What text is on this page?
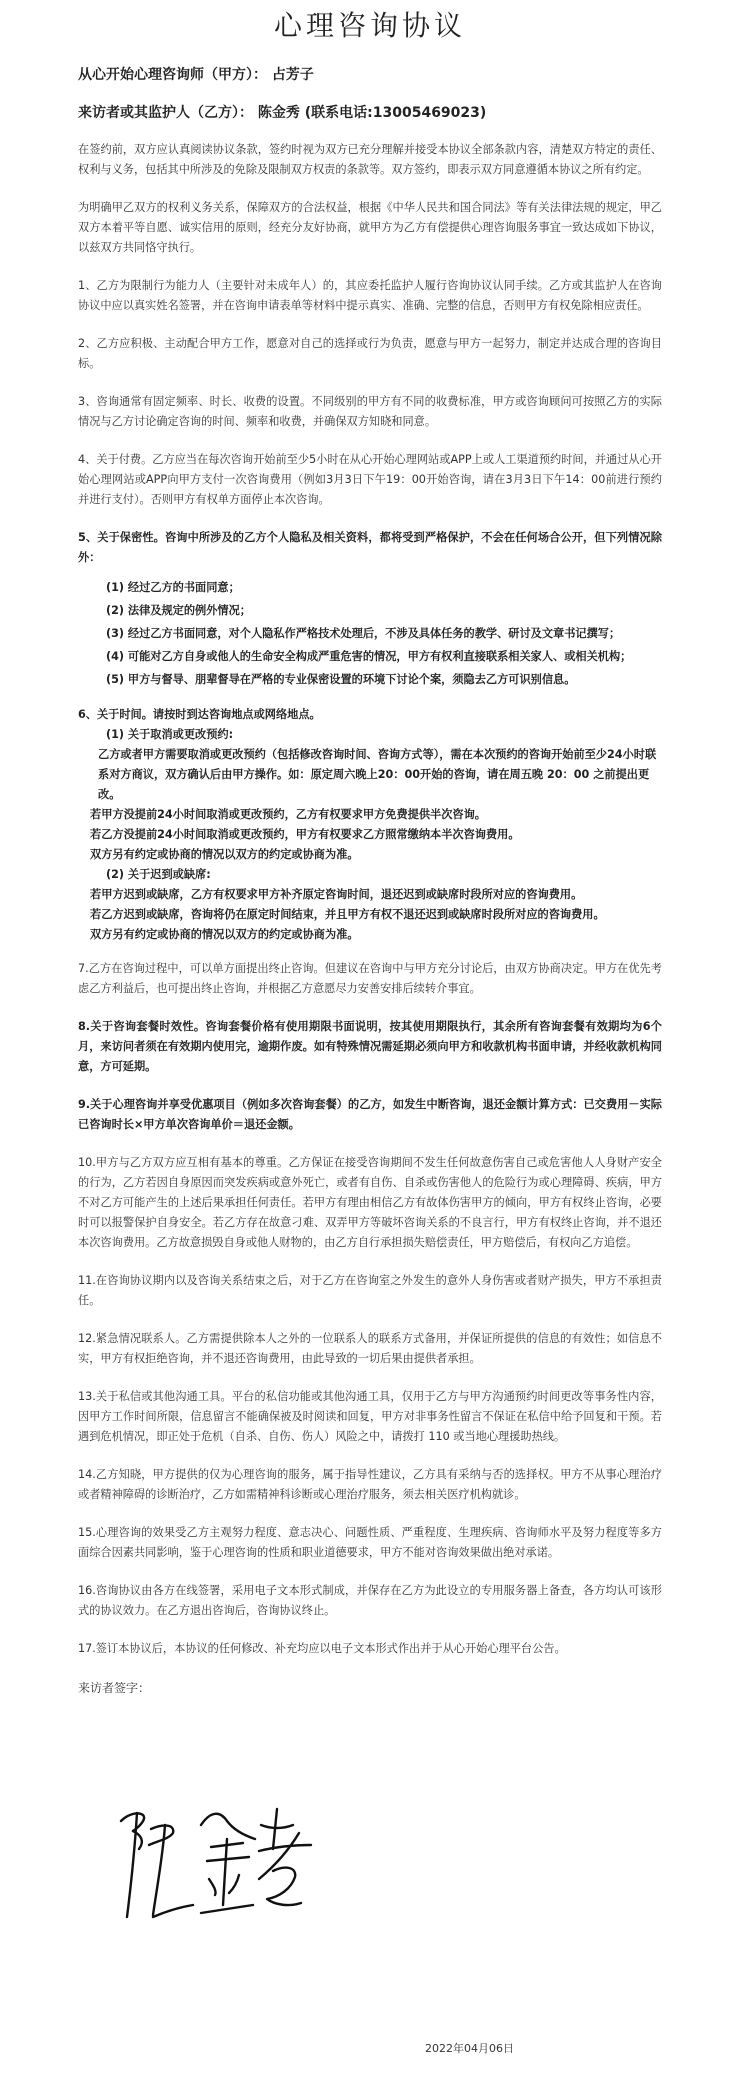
心理咨询协议
从心开始心理咨询师（甲方）： 占芳子
来访者或其监护人（乙方）： 陈金秀 (联系电话:13005469023)

在签约前，双方应认真阅读协议条款，签约时视为双方已充分理解并接受本协议全部条款内容，清楚双方特定的责任、权利与义务，包括其中所涉及的免除及限制双方权责的条款等。双方签约，即表示双方同意遵循本协议之所有约定。

为明确甲乙双方的权利义务关系，保障双方的合法权益，根据《中华人民共和国合同法》等有关法律法规的规定，甲乙双方本着平等自愿、诚实信用的原则，经充分友好协商，就甲方为乙方有偿提供心理咨询服务事宜一致达成如下协议，以兹双方共同恪守执行。

1、乙方为限制行为能力人（主要针对未成年人）的，其应委托监护人履行咨询协议认同手续。乙方或其监护人在咨询协议中应以真实姓名签署，并在咨询申请表单等材料中提示真实、准确、完整的信息，否则甲方有权免除相应责任。

2、乙方应积极、主动配合甲方工作，愿意对自己的选择或行为负责，愿意与甲方一起努力，制定并达成合理的咨询目标。

3、咨询通常有固定频率、时长、收费的设置。不同级别的甲方有不同的收费标准，甲方或咨询顾问可按照乙方的实际情况与乙方讨论确定咨询的时间、频率和收费，并确保双方知晓和同意。

4、关于付费。乙方应当在每次咨询开始前至少5小时在从心开始心理网站或APP上或人工渠道预约时间，并通过从心开始心理网站或APP向甲方支付一次咨询费用（例如3月3日下午19：00开始咨询，请在3月3日下午14：00前进行预约并进行支付）。否则甲方有权单方面停止本次咨询。

5、关于保密性。咨询中所涉及的乙方个人隐私及相关资料，都将受到严格保护，不会在任何场合公开，但下列情况除外：

(1) 经过乙方的书面同意；
(2) 法律及规定的例外情况；
(3) 经过乙方书面同意，对个人隐私作严格技术处理后，不涉及具体任务的教学、研讨及文章书记撰写；
(4) 可能对乙方自身或他人的生命安全构成严重危害的情况，甲方有权利直接联系相关家人、或相关机构；
(5) 甲方与督导、朋辈督导在严格的专业保密设置的环境下讨论个案，须隐去乙方可识别信息。
6、关于时间。请按时到达咨询地点或网络地点。
(1) 关于取消或更改预约:
乙方或者甲方需要取消或更改预约（包括修改咨询时间、咨询方式等），需在本次预约的咨询开始前至少24小时联系对方商议，双方确认后由甲方操作。如：原定周六晚上20：00开始的咨询，请在周五晚 20：00 之前提出更改。
若甲方没提前24小时间取消或更改预约，乙方有权要求甲方免费提供半次咨询。
若乙方没提前24小时间取消或更改预约，甲方有权要求乙方照常缴纳本半次咨询费用。
双方另有约定或协商的情况以双方的约定或协商为准。
(2) 关于迟到或缺席:
若甲方迟到或缺席，乙方有权要求甲方补齐原定咨询时间，退还迟到或缺席时段所对应的咨询费用。
若乙方迟到或缺席，咨询将仍在原定时间结束，并且甲方有权不退还迟到或缺席时段所对应的咨询费用。
双方另有约定或协商的情况以双方的约定或协商为准。

7.乙方在咨询过程中，可以单方面提出终止咨询。但建议在咨询中与甲方充分讨论后，由双方协商决定。甲方在优先考虑乙方利益后，也可提出终止咨询，并根据乙方意愿尽力安善安排后续转介事宜。

8.关于咨询套餐时效性。咨询套餐价格有使用期限书面说明，按其使用期限执行，其余所有咨询套餐有效期均为6个月，来访问者须在有效期内使用完，逾期作废。如有特殊情况需延期必须向甲方和收款机构书面申请，并经收款机构同意，方可延期。

9.关于心理咨询并享受优惠项目（例如多次咨询套餐）的乙方，如发生中断咨询，退还金额计算方式：已交费用－实际已咨询时长×甲方单次咨询单价＝退还金额。

10.甲方与乙方双方应互相有基本的尊重。乙方保证在接受咨询期间不发生任何故意伤害自己或危害他人人身财产安全的行为，乙方若因自身原因而突发疾病或意外死亡，或者有自伤、自杀或伤害他人的危险行为或心理障碍、疾病，甲方不对乙方可能产生的上述后果承担任何责任。若甲方有理由相信乙方有故体伤害甲方的倾向，甲方有权终止咨询，必要时可以报警保护自身安全。若乙方存在故意刁难、双弄甲方等破坏咨询关系的不良言行，甲方有权终止咨询，并不退还本次咨询费用。乙方故意损毁自身或他人财物的，由乙方自行承担损失赔偿责任，甲方赔偿后，有权向乙方追偿。

11.在咨询协议期内以及咨询关系结束之后，对于乙方在咨询室之外发生的意外人身伤害或者财产损失，甲方不承担责任。

12.紧急情况联系人。乙方需提供除本人之外的一位联系人的联系方式备用，并保证所提供的信息的有效性；如信息不实，甲方有权拒绝咨询，并不退还咨询费用，由此导致的一切后果由提供者承担。

13.关于私信或其他沟通工具。平台的私信功能或其他沟通工具，仅用于乙方与甲方沟通预约时间更改等事务性内容，因甲方工作时间所限，信息留言不能确保被及时阅读和回复，甲方对非事务性留言不保证在私信中给予回复和干预。若遇到危机情况，即正处于危机（自杀、自伤、伤人）风险之中，请拨打 110 或当地心理援助热线。

14.乙方知晓，甲方提供的仅为心理咨询的服务，属于指导性建议，乙方具有采纳与否的选择权。甲方不从事心理治疗或者精神障碍的诊断治疗，乙方如需精神科诊断或心理治疗服务，须去相关医疗机构就诊。

15.心理咨询的效果受乙方主观努力程度、意志决心、问题性质、严重程度、生理疾病、咨询师水平及努力程度等多方面综合因素共同影响，鉴于心理咨询的性质和职业道德要求，甲方不能对咨询效果做出绝对承诺。

16.咨询协议由各方在线签署，采用电子文本形式制成，并保存在乙方为此设立的专用服务器上备查，各方均认可该形式的协议效力。在乙方退出咨询后，咨询协议终止。

17.签订本协议后，本协议的任何修改、补充均应以电子文本形式作出并于从心开始心理平台公告。

来访者签字：
2022年04月06日
